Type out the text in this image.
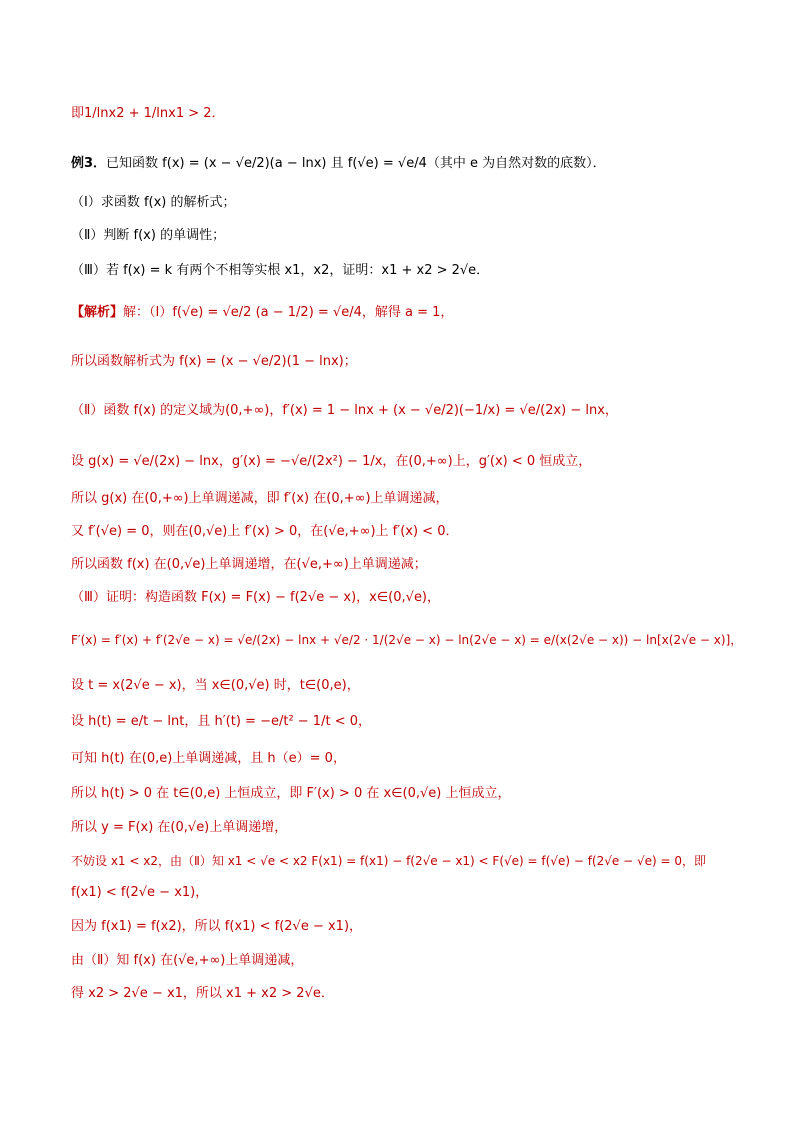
即1/lnx2 + 1/lnx1 > 2．
例3．已知函数 f(x) = (x − √e/2)(a − lnx) 且 f(√e) = √e/4（其中 e 为自然对数的底数）．
（Ⅰ）求函数 f(x) 的解析式；
（Ⅱ）判断 f(x) 的单调性；
（Ⅲ）若 f(x) = k 有两个不相等实根 x1，x2，证明：x1 + x2 > 2√e．
【解析】解：（Ⅰ）f(√e) = √e/2 (a − 1/2) = √e/4，解得 a = 1，
所以函数解析式为 f(x) = (x − √e/2)(1 − lnx)；
（Ⅱ）函数 f(x) 的定义域为(0,+∞)，f′(x) = 1 − lnx + (x − √e/2)(−1/x) = √e/(2x) − lnx，
设 g(x) = √e/(2x) − lnx，g′(x) = −√e/(2x²) − 1/x，在(0,+∞)上，g′(x) < 0 恒成立，
所以 g(x) 在(0,+∞)上单调递减，即 f′(x) 在(0,+∞)上单调递减，
又 f′(√e) = 0，则在(0,√e)上 f′(x) > 0，在(√e,+∞)上 f′(x) < 0．
所以函数 f(x) 在(0,√e)上单调递增，在(√e,+∞)上单调递减；
（Ⅲ）证明：构造函数 F(x) = F(x) − f(2√e − x)，x∈(0,√e)，
F′(x) = f′(x) + f′(2√e − x) = √e/(2x) − lnx + √e/2 · 1/(2√e − x) − ln(2√e − x) = e/(x(2√e − x)) − ln[x(2√e − x)]，
设 t = x(2√e − x)，当 x∈(0,√e) 时，t∈(0,e)，
设 h(t) = e/t − lnt，且 h′(t) = −e/t² − 1/t < 0，
可知 h(t) 在(0,e)上单调递减，且 h（e）= 0，
所以 h(t) > 0 在 t∈(0,e) 上恒成立，即 F′(x) > 0 在 x∈(0,√e) 上恒成立，
所以 y = F(x) 在(0,√e)上单调递增，
不妨设 x1 < x2，由（Ⅱ）知 x1 < √e < x2 F(x1) = f(x1) − f(2√e − x1) < F(√e) = f(√e) − f(2√e − √e) = 0，即
f(x1) < f(2√e − x1)，
因为 f(x1) = f(x2)，所以 f(x1) < f(2√e − x1)，
由（Ⅱ）知 f(x) 在(√e,+∞)上单调递减，
得 x2 > 2√e − x1，所以 x1 + x2 > 2√e．
